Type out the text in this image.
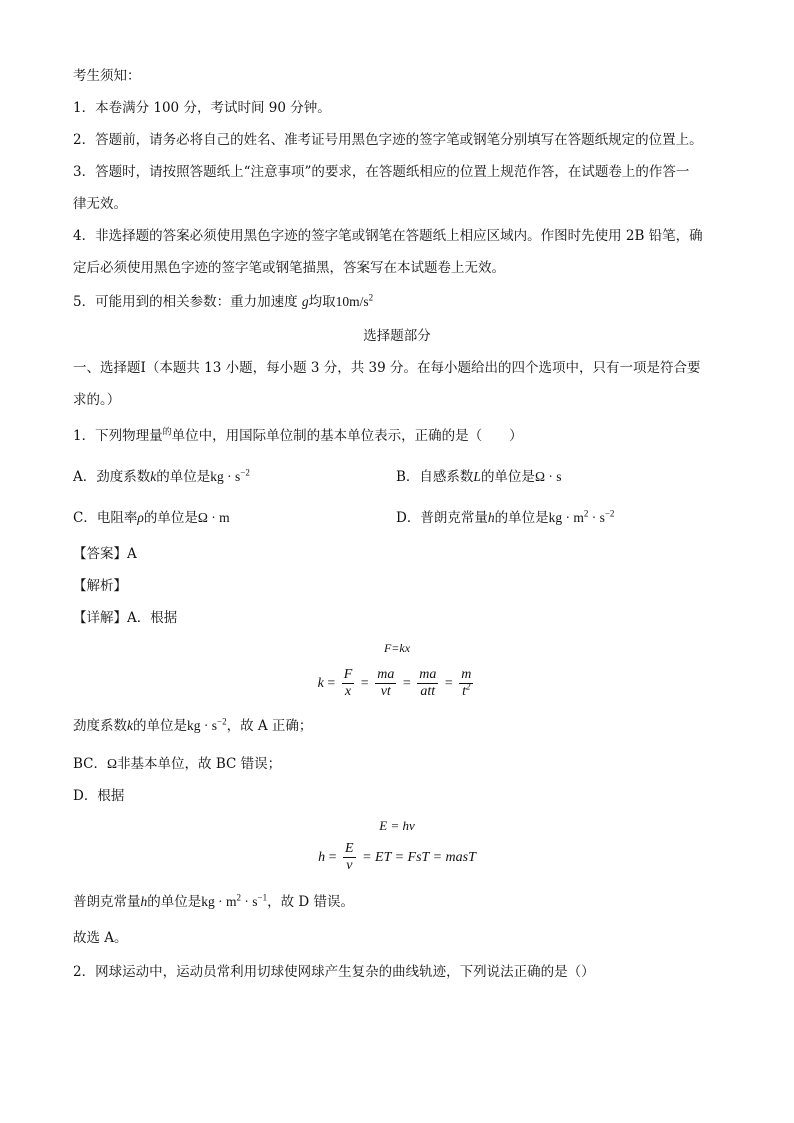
考生须知：
1．本卷满分 100 分，考试时间 90 分钟。
2．答题前，请务必将自己的姓名、准考证号用黑色字迹的签字笔或钢笔分别填写在答题纸规定的位置上。
3．答题时，请按照答题纸上“注意事项”的要求，在答题纸相应的位置上规范作答，在试题卷上的作答一
律无效。
4．非选择题的答案必须使用黑色字迹的签字笔或钢笔在答题纸上相应区域内。作图时先使用 2B 铅笔，确
定后必须使用黑色字迹的签字笔或钢笔描黑，答案写在本试题卷上无效。
5．可能用到的相关参数：重力加速度 g均取$10m/s^2$
选择题部分
一、选择题Ⅰ（本题共 13 小题，每小题 3 分，共 39 分。在每小题给出的四个选项中，只有一项是符合要
求的。）
1．下列物理量$^的$单位中，用国际单位制的基本单位表示，正确的是（　　）
A．劲度系数k的单位是kg · $s^{-2}$	B．自感系数L的单位是Ω · s
C．电阻率ρ的单位是Ω · m	D．普朗克常量h的单位是kg · $m^2 \cdot s^{-2}$
【答案】A
【解析】
【详解】A．根据
F=kx
$k = \frac{F}{x} = \frac{ma}{vt} = \frac{ma}{\text{att}} = \frac{m}{t^2}$
劲度系数k的单位是kg · $s^{-2}$，故 A 正确；
BC．Ω非基本单位，故 BC 错误；
D．根据
E = hν
$h = \frac{E}{\nu}$ = ET = FsT = masT
普朗克常量h的单位是kg · $m^2 \cdot s^{-1}$，故 D 错误。
故选 A。
2．网球运动中，运动员常利用切球使网球产生复杂的曲线轨迹，下列说法正确的是（）
